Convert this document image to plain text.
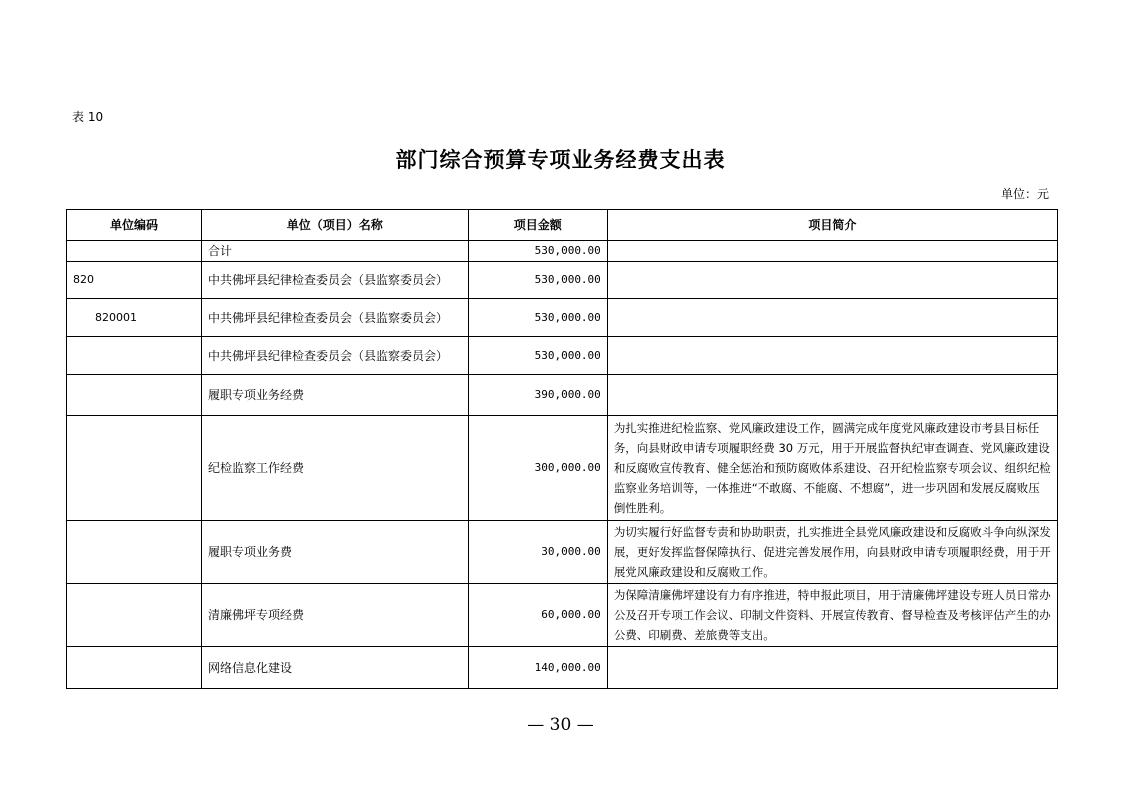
表 10
部门综合预算专项业务经费支出表
单位：元
单位编码	单位（项目）名称	项目金额	项目简介
	合计	530,000.00	
820	中共佛坪县纪律检查委员会（县监察委员会）	530,000.00	
820001	中共佛坪县纪律检查委员会（县监察委员会）	530,000.00	
	中共佛坪县纪律检查委员会（县监察委员会）	530,000.00	
	履职专项业务经费	390,000.00	
	纪检监察工作经费	300,000.00	为扎实推进纪检监察、党风廉政建设工作，圆满完成年度党风廉政建设市考县目标任务，向县财政申请专项履职经费 30 万元，用于开展监督执纪审查调查、党风廉政建设和反腐败宣传教育、健全惩治和预防腐败体系建设、召开纪检监察专项会议、组织纪检监察业务培训等，一体推进“不敢腐、不能腐、不想腐”，进一步巩固和发展反腐败压倒性胜利。
	履职专项业务费	30,000.00	为切实履行好监督专责和协助职责，扎实推进全县党风廉政建设和反腐败斗争向纵深发展，更好发挥监督保障执行、促进完善发展作用，向县财政申请专项履职经费，用于开展党风廉政建设和反腐败工作。
	清廉佛坪专项经费	60,000.00	为保障清廉佛坪建设有力有序推进，特申报此项目，用于清廉佛坪建设专班人员日常办公及召开专项工作会议、印制文件资料、开展宣传教育、督导检查及考核评估产生的办公费、印刷费、差旅费等支出。
	网络信息化建设	140,000.00	
— 30 —
